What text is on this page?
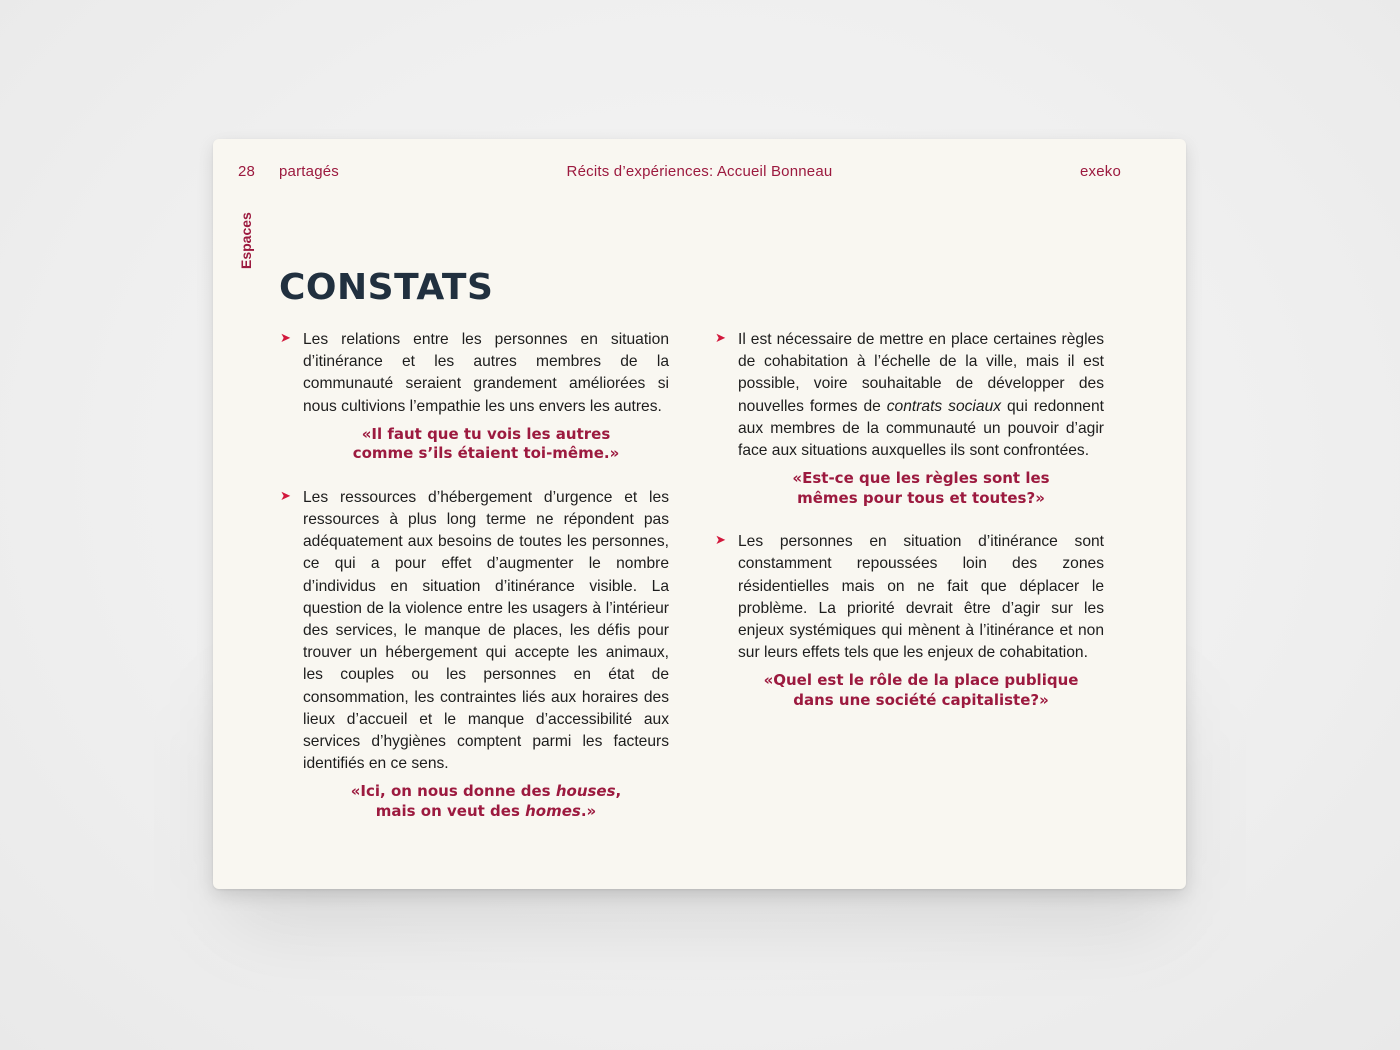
28 partagés	Récits d’expériences: Accueil Bonneau	exeko
Espaces
CONSTATS
➤ Les relations entre les personnes en situation d’itinérance et les autres membres de la communauté seraient grandement améliorées si nous cultivions l’empathie les uns envers les autres.
«Il faut que tu vois les autres
comme s’ils étaient toi-même.»
➤ Les ressources d’hébergement d’urgence et les ressources à plus long terme ne répondent pas adéquatement aux besoins de toutes les personnes, ce qui a pour effet d’augmenter le nombre d’individus en situation d’itinérance visible. La question de la violence entre les usagers à l’intérieur des services, le manque de places, les défis pour trouver un hébergement qui accepte les animaux, les couples ou les personnes en état de consommation, les contraintes liés aux horaires des lieux d’accueil et le manque d’accessibilité aux services d’hygiènes comptent parmi les facteurs identifiés en ce sens.
«Ici, on nous donne des houses,
mais on veut des homes.»
➤ Il est nécessaire de mettre en place certaines règles de cohabitation à l’échelle de la ville, mais il est possible, voire souhaitable de développer des nouvelles formes de contrats sociaux qui redonnent aux membres de la communauté un pouvoir d’agir face aux situations auxquelles ils sont confrontées.
«Est-ce que les règles sont les
mêmes pour tous et toutes?»
➤ Les personnes en situation d’itinérance sont constamment repoussées loin des zones résidentielles mais on ne fait que déplacer le problème. La priorité devrait être d’agir sur les enjeux systémiques qui mènent à l’itinérance et non sur leurs effets tels que les enjeux de cohabitation.
«Quel est le rôle de la place publique
dans une société capitaliste?»
